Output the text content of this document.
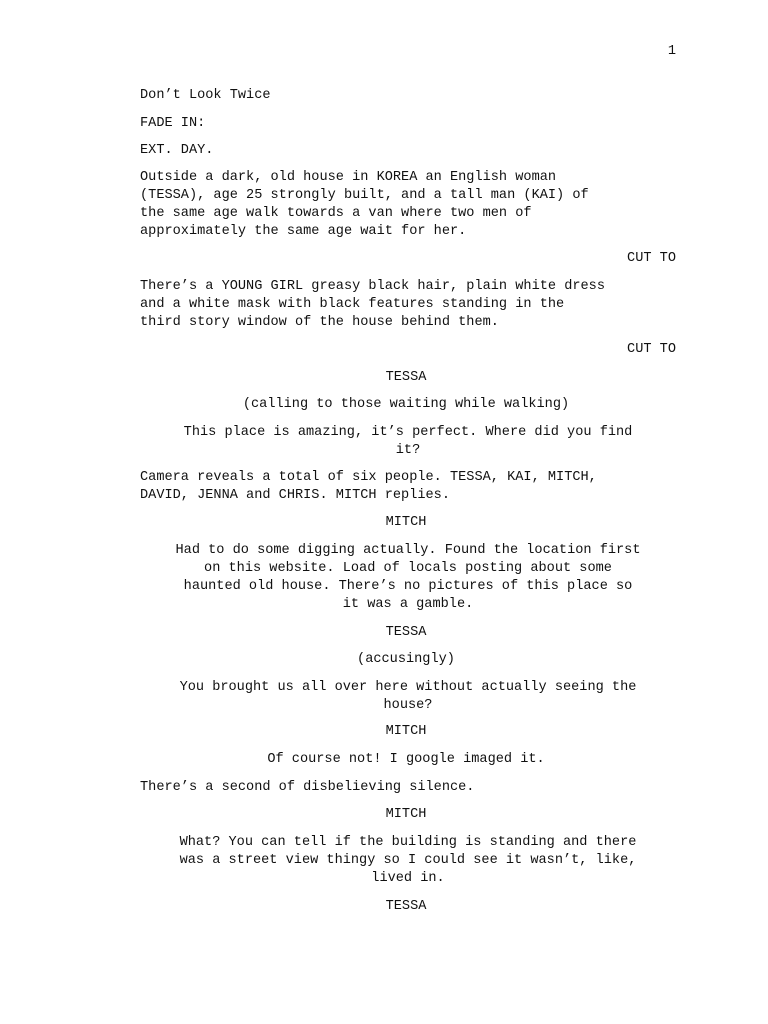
1
Don’t Look Twice
FADE IN:
EXT. DAY.
Outside a dark, old house in KOREA an English woman
(TESSA), age 25 strongly built, and a tall man (KAI) of
the same age walk towards a van where two men of
approximately the same age wait for her.
CUT TO
There’s a YOUNG GIRL greasy black hair, plain white dress
and a white mask with black features standing in the
third story window of the house behind them.
CUT TO
TESSA
(calling to those waiting while walking)
This place is amazing, it’s perfect. Where did you find
it?
Camera reveals a total of six people. TESSA, KAI, MITCH,
DAVID, JENNA and CHRIS. MITCH replies.
MITCH
Had to do some digging actually. Found the location first
on this website. Load of locals posting about some
haunted old house. There’s no pictures of this place so
it was a gamble.
TESSA
(accusingly)
You brought us all over here without actually seeing the
house?
MITCH
Of course not! I google imaged it.
There’s a second of disbelieving silence.
MITCH
What? You can tell if the building is standing and there
was a street view thingy so I could see it wasn’t, like,
lived in.
TESSA
